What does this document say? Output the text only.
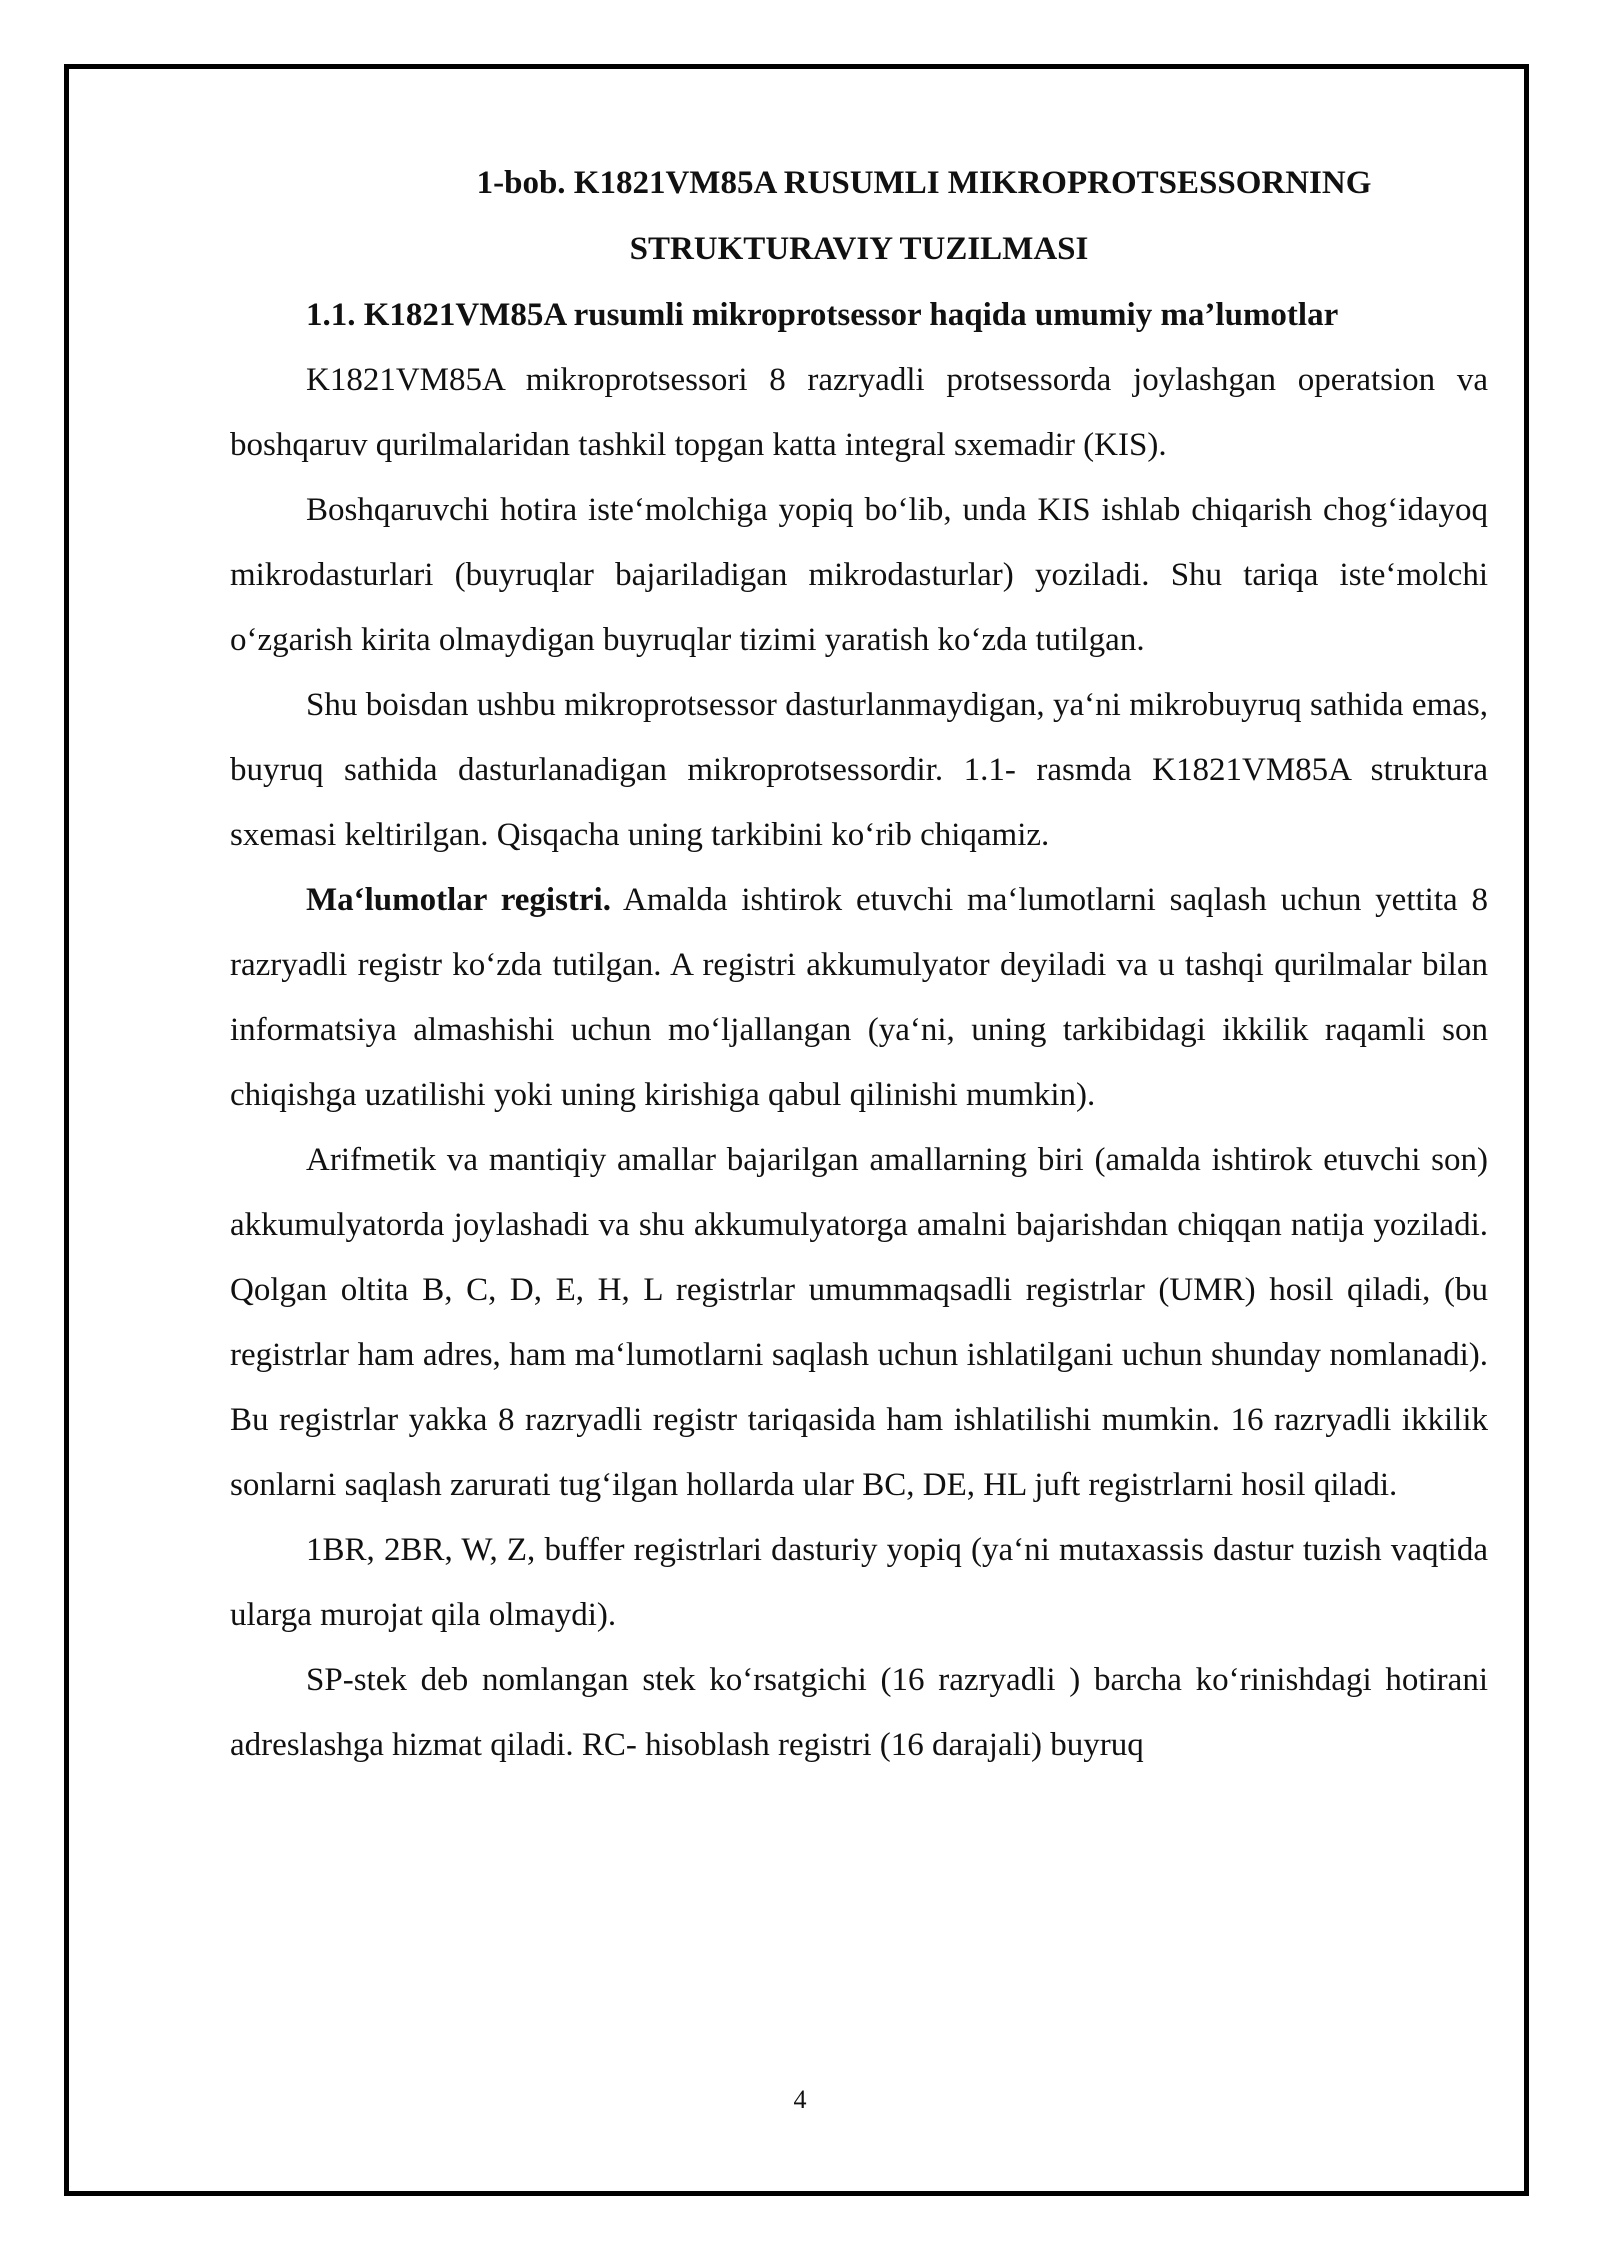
1-bob. K1821VM85A RUSUMLI MIKROPROTSESSORNING
STRUKTURAVIY TUZILMASI
1.1. K1821VM85A rusumli mikroprotsessor haqida umumiy ma’lumotlar

K1821VM85A mikroprotsessori 8 razryadli protsessorda joylashgan operatsion va boshqaruv qurilmalaridan tashkil topgan katta integral sxemadir (KIS).

Boshqaruvchi hotira iste‘molchiga yopiq bo‘lib, unda KIS ishlab chiqarish chog‘idayoq mikrodasturlari (buyruqlar bajariladigan mikrodasturlar) yoziladi. Shu tariqa iste‘molchi o‘zgarish kirita olmaydigan buyruqlar tizimi yaratish ko‘zda tutilgan.

Shu boisdan ushbu mikroprotsessor dasturlanmaydigan, ya‘ni mikrobuyruq sathida emas, buyruq sathida dasturlanadigan mikroprotsessordir. 1.1- rasmda K1821VM85A struktura sxemasi keltirilgan. Qisqacha uning tarkibini ko‘rib chiqamiz.

Ma‘lumotlar registri. Amalda ishtirok etuvchi ma‘lumotlarni saqlash uchun yettita 8 razryadli registr ko‘zda tutilgan. A registri akkumulyator deyiladi va u tashqi qurilmalar bilan informatsiya almashishi uchun mo‘ljallangan (ya‘ni, uning tarkibidagi ikkilik raqamli son chiqishga uzatilishi yoki uning kirishiga qabul qilinishi mumkin).

Arifmetik va mantiqiy amallar bajarilgan amallarning biri (amalda ishtirok etuvchi son) akkumulyatorda joylashadi va shu akkumulyatorga amalni bajarishdan chiqqan natija yoziladi. Qolgan oltita B, C, D, E, H, L registrlar umummaqsadli registrlar (UMR) hosil qiladi, (bu registrlar ham adres, ham ma‘lumotlarni saqlash uchun ishlatilgani uchun shunday nomlanadi). Bu registrlar yakka 8 razryadli registr tariqasida ham ishlatilishi mumkin. 16 razryadli ikkilik sonlarni saqlash zarurati tug‘ilgan hollarda ular BC, DE, HL juft registrlarni hosil qiladi.

1BR, 2BR, W, Z, buffer registrlari dasturiy yopiq (ya‘ni mutaxassis dastur tuzish vaqtida ularga murojat qila olmaydi).

SP-stek deb nomlangan stek ko‘rsatgichi (16 razryadli ) barcha ko‘rinishdagi hotirani adreslashga hizmat qiladi. RC- hisoblash registri (16 darajali) buyruq

4
